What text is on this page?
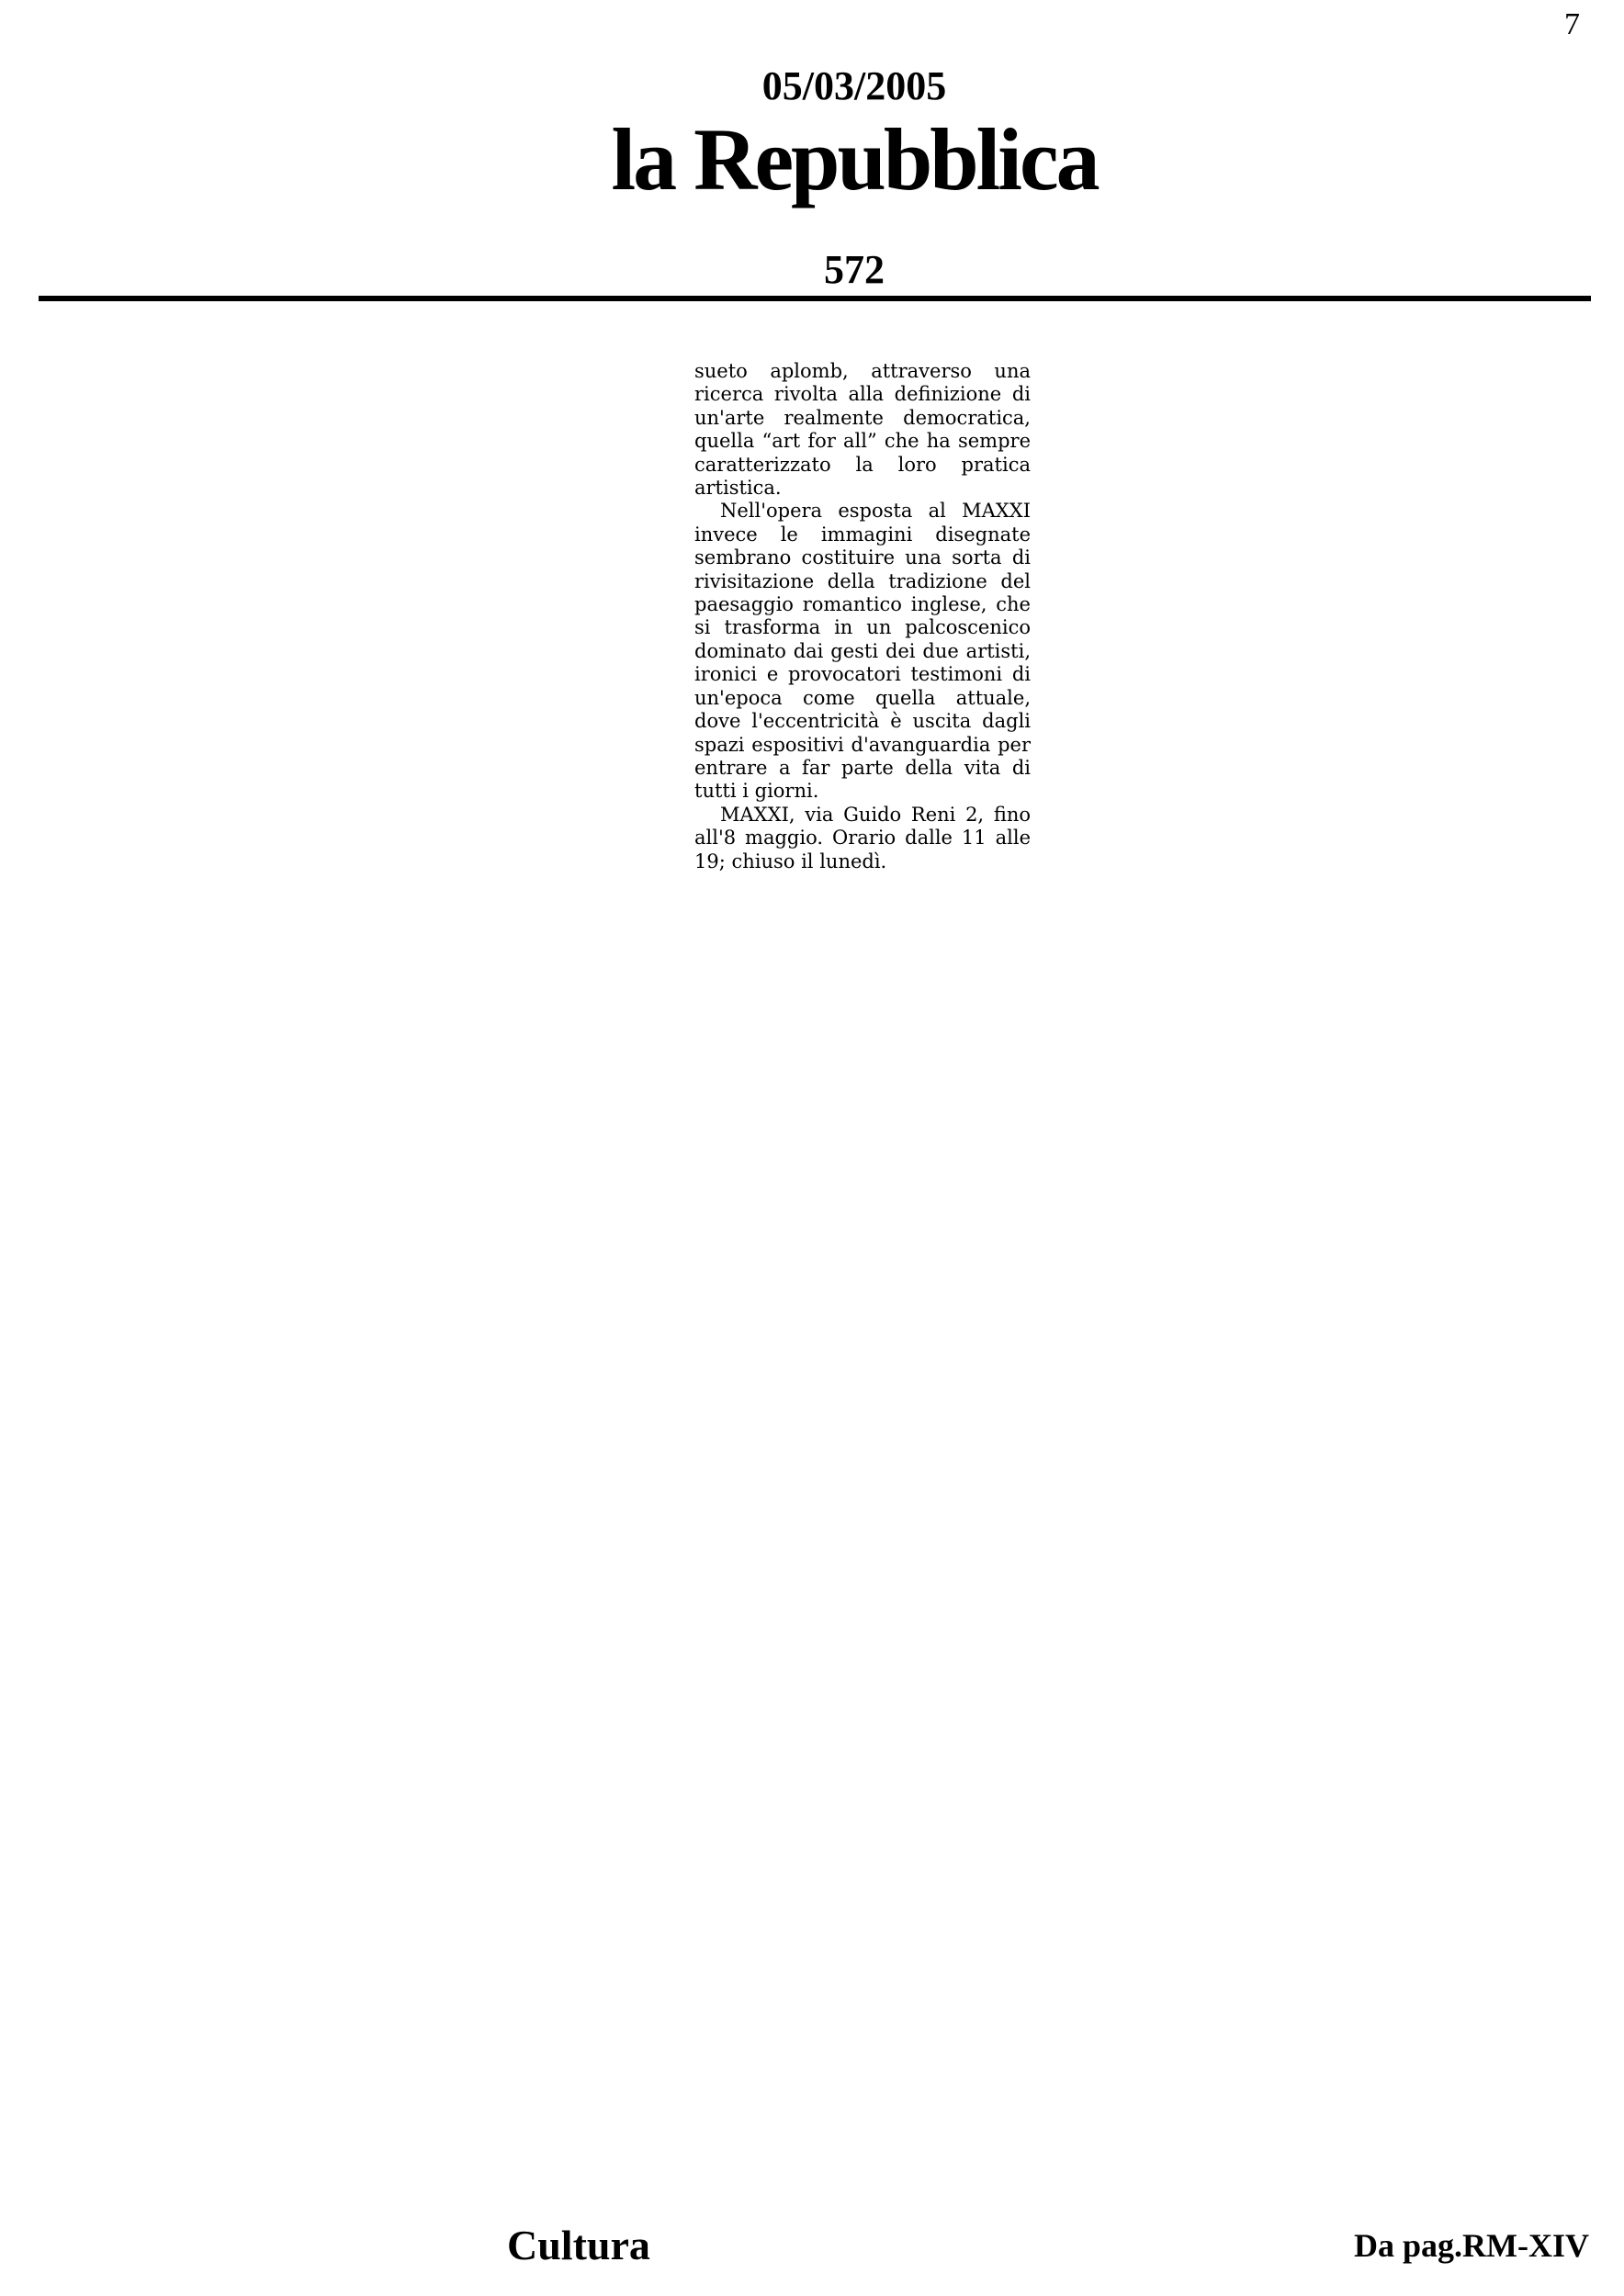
7
05/03/2005
la Repubblica
572

sueto aplomb, attraverso una ricerca rivolta alla definizione di un'arte realmente democratica, quella “art for all” che ha sempre caratterizzato la loro pratica artistica.

Nell'opera esposta al MAXXI invece le immagini disegnate sembrano costituire una sorta di rivisitazione della tradizione del paesaggio romantico inglese, che si trasforma in un palcoscenico dominato dai gesti dei due artisti, ironici e provocatori testimoni di un'epoca come quella attuale, dove l'eccentricità è uscita dagli spazi espositivi d'avanguardia per entrare a far parte della vita di tutti i giorni.

MAXXI, via Guido Reni 2, fino all'8 maggio. Orario dalle 11 alle 19; chiuso il lunedì.

Cultura	Da pag.RM-XIV
